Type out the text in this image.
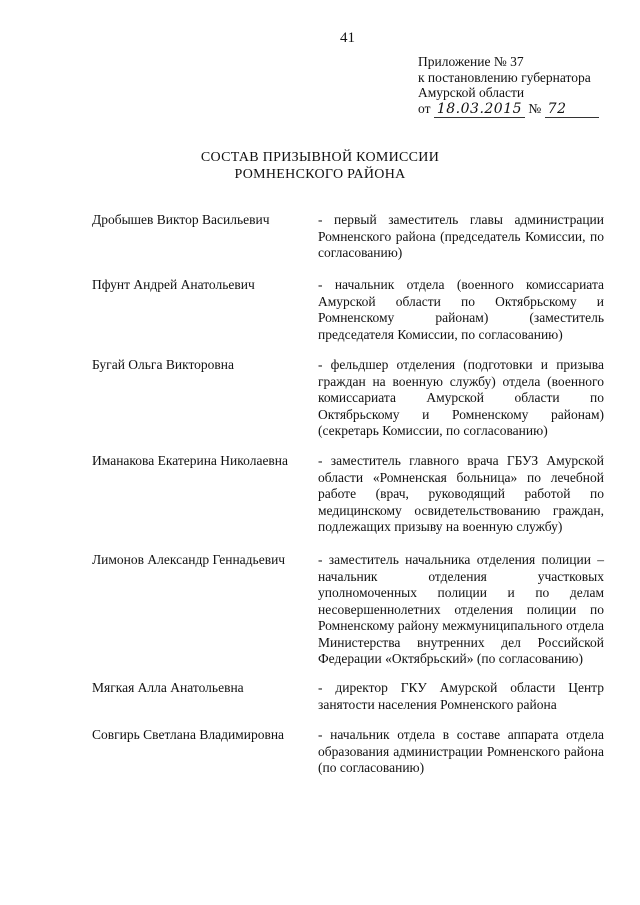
41
Приложение № 37
к постановлению губернатора
Амурской области
от 18.03.2015 № 72
СОСТАВ ПРИЗЫВНОЙ КОМИССИИ
РОМНЕНСКОГО РАЙОНА
Дробышев Виктор Васильевич	- первый заместитель главы администрации Ромненского района (председатель Комиссии, по согласованию)
Пфунт Андрей Анатольевич	- начальник отдела (военного комиссариата Амурской области по Октябрьскому и Ромненскому районам) (заместитель председателя Комиссии, по согласованию)
Бугай Ольга Викторовна	- фельдшер отделения (подготовки и призыва граждан на военную службу) отдела (военного комиссариата Амурской области по Октябрьскому и Ромненскому районам) (секретарь Комиссии, по согласованию)
Иманакова Екатерина Николаевна - заместитель главного врача ГБУЗ Амурской области «Ромненская больница» по лечебной работе (врач, руководящий работой по медицинскому освидетельствованию граждан, подлежащих призыву на военную службу)
Лимонов Александр Геннадьевич - заместитель начальника отделения полиции – начальник отделения участковых уполномоченных полиции и по делам несовершеннолетних отделения полиции по Ромненскому району межмуниципального отдела Министерства внутренних дел Российской Федерации «Октябрьский» (по согласованию)
Мягкая Алла Анатольевна	- директор ГКУ Амурской области Центр занятости населения Ромненского района
Совгирь Светлана Владимировна	- начальник отдела в составе аппарата отдела образования администрации Ромненского района (по согласованию)
